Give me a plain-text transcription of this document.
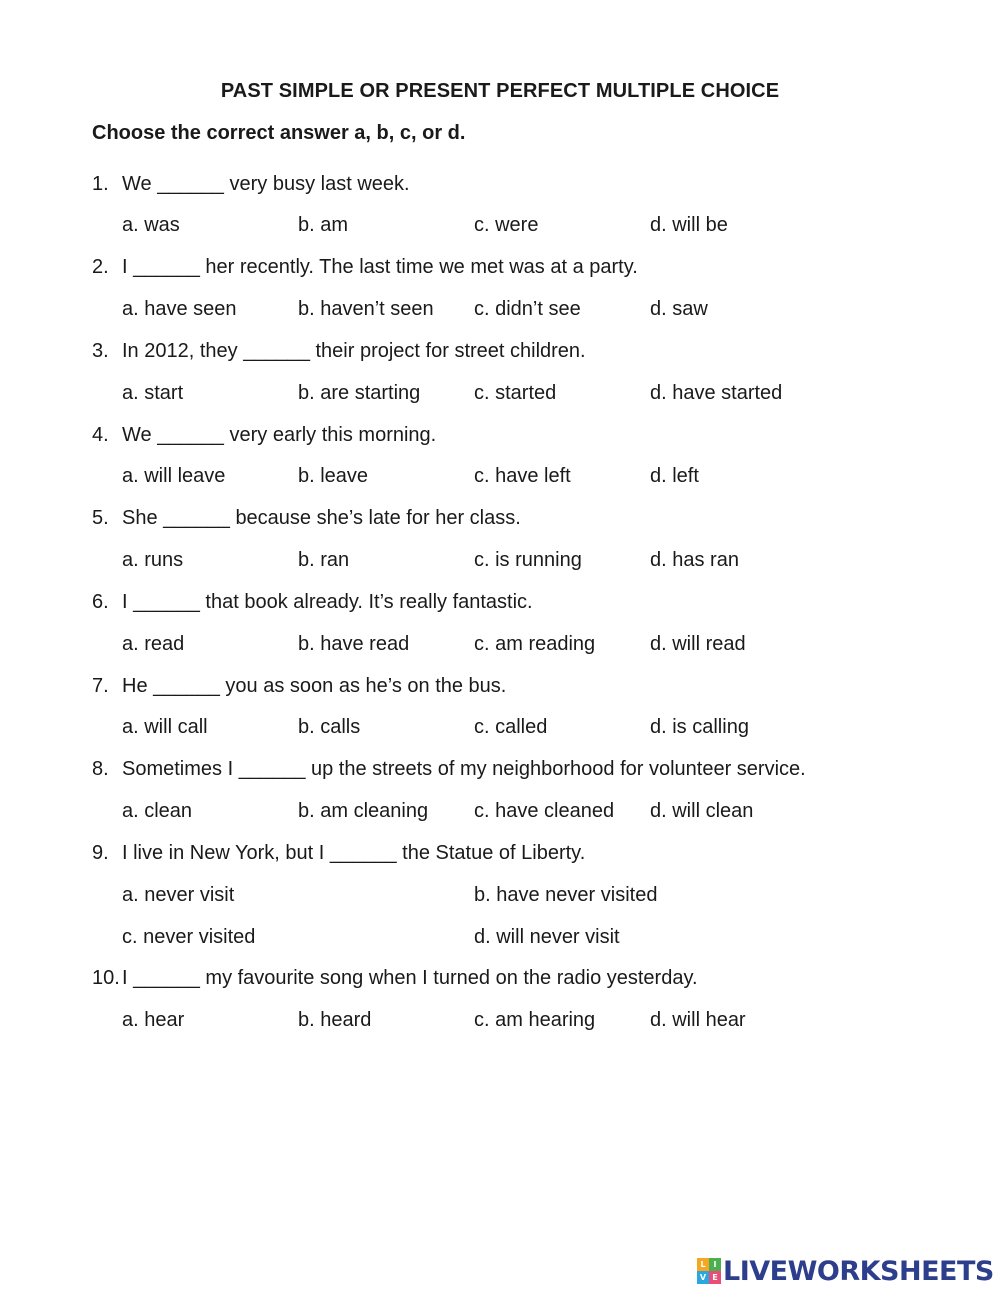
PAST SIMPLE OR PRESENT PERFECT MULTIPLE CHOICE
Choose the correct answer a, b, c, or d.
1. We ______ very busy last week.
a. was	b. am	c. were	d. will be
2. I ______ her recently. The last time we met was at a party.
a. have seen	b. haven’t seen	c. didn’t see	d. saw
3. In 2012, they ______ their project for street children.
a. start	b. are starting	c. started	d. have started
4. We ______ very early this morning.
a. will leave	b. leave	c. have left	d. left
5. She ______ because she’s late for her class.
a. runs	b. ran	c. is running	d. has ran
6. I ______ that book already. It’s really fantastic.
a. read	b. have read	c. am reading	d. will read
7. He ______ you as soon as he’s on the bus.
a. will call	b. calls	c. called	d. is calling
8. Sometimes I ______ up the streets of my neighborhood for volunteer service.
a. clean	b. am cleaning	c. have cleaned	d. will clean
9. I live in New York, but I ______ the Statue of Liberty.
a. never visit	b. have never visited
c. never visited	d. will never visit
10. I ______ my favourite song when I turned on the radio yesterday.
a. hear	b. heard	c. am hearing	d. will hear
L I
V E LIVEWORKSHEETS
